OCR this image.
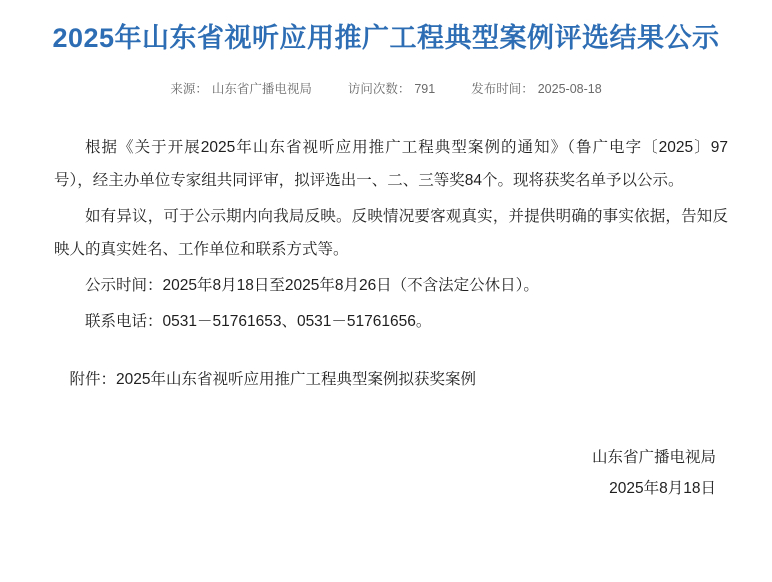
2025年山东省视听应用推广工程典型案例评选结果公示
来源： 山东省广播电视局	访问次数： 791	发布时间： 2025-08-18

根据《关于开展2025年山东省视听应用推广工程典型案例的通知》（鲁广电字〔2025〕97号），经主办单位专家组共同评审，拟评选出一、二、三等奖84个。现将获奖名单予以公示。

如有异议，可于公示期内向我局反映。反映情况要客观真实，并提供明确的事实依据，告知反映人的真实姓名、工作单位和联系方式等。

公示时间：2025年8月18日至2025年8月26日（不含法定公休日）。

联系电话：0531－51761653、0531－51761656。

附件：2025年山东省视听应用推广工程典型案例拟获奖案例

山东省广播电视局
2025年8月18日
